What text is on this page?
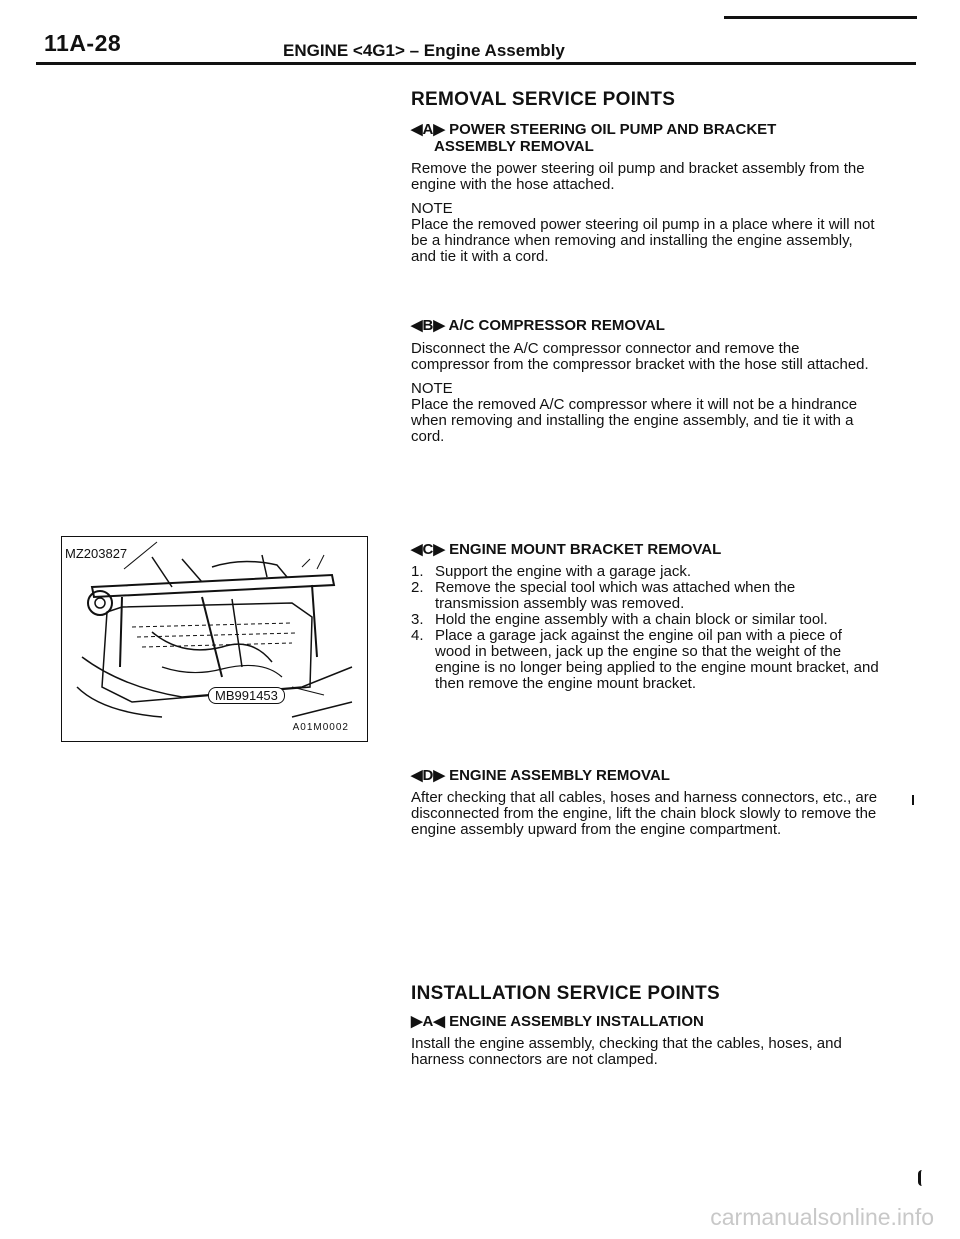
11A-28	ENGINE <4G1> – Engine Assembly
REMOVAL SERVICE POINTS
◀A▶ POWER STEERING OIL PUMP AND BRACKET
ASSEMBLY REMOVAL
Remove the power steering oil pump and bracket assembly from the engine with the hose attached.
NOTE
Place the removed power steering oil pump in a place where it will not be a hindrance when removing and installing the engine assembly, and tie it with a cord.
◀B▶ A/C COMPRESSOR REMOVAL
Disconnect the A/C compressor connector and remove the compressor from the compressor bracket with the hose still attached.
NOTE
Place the removed A/C compressor where it will not be a hindrance when removing and installing the engine assembly, and tie it with a cord.
MZ203827
MB991453
A01M0002
◀C▶ ENGINE MOUNT BRACKET REMOVAL
1. Support the engine with a garage jack.
2. Remove the special tool which was attached when the transmission assembly was removed.
3. Hold the engine assembly with a chain block or similar tool.
4. Place a garage jack against the engine oil pan with a piece of wood in between, jack up the engine so that the weight of the engine is no longer being applied to the engine mount bracket, and then remove the engine mount bracket.
◀D▶ ENGINE ASSEMBLY REMOVAL
After checking that all cables, hoses and harness connectors, etc., are disconnected from the engine, lift the chain block slowly to remove the engine assembly upward from the engine compartment.
INSTALLATION SERVICE POINTS
▶A◀ ENGINE ASSEMBLY INSTALLATION
Install the engine assembly, checking that the cables, hoses, and harness connectors are not clamped.
carmanualsonline.info
